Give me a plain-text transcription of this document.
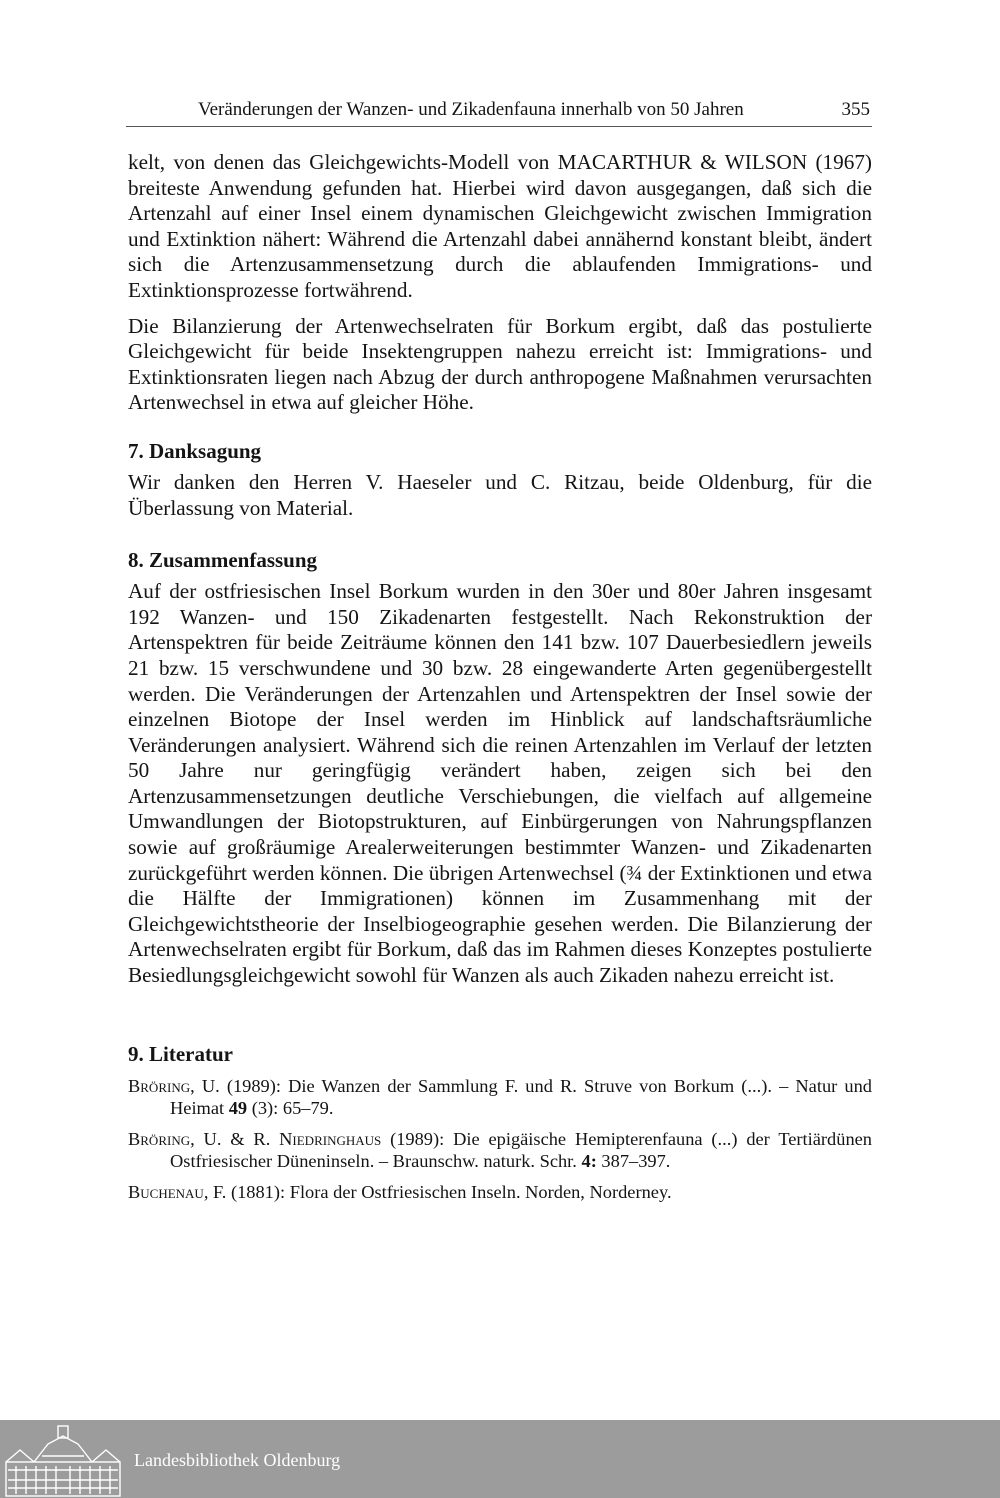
Veränderungen der Wanzen- und Zikadenfauna innerhalb von 50 Jahren	355

kelt, von denen das Gleichgewichts-Modell von MACARTHUR & WILSON (1967) breiteste Anwendung gefunden hat. Hierbei wird davon ausgegangen, daß sich die Artenzahl auf einer Insel einem dynamischen Gleichgewicht zwischen Immigration und Extinktion nähert: Während die Artenzahl dabei annähernd konstant bleibt, ändert sich die Artenzusammensetzung durch die ablaufenden Immigrations- und Extinktionsprozesse fortwährend.

Die Bilanzierung der Artenwechselraten für Borkum ergibt, daß das postulierte Gleichgewicht für beide Insektengruppen nahezu erreicht ist: Immigrations- und Extinktionsraten liegen nach Abzug der durch anthropogene Maßnahmen verursachten Artenwechsel in etwa auf gleicher Höhe.

7. Danksagung

Wir danken den Herren V. Haeseler und C. Ritzau, beide Oldenburg, für die Überlassung von Material.

8. Zusammenfassung

Auf der ostfriesischen Insel Borkum wurden in den 30er und 80er Jahren insgesamt 192 Wanzen- und 150 Zikadenarten festgestellt. Nach Rekonstruktion der Artenspektren für beide Zeiträume können den 141 bzw. 107 Dauerbesiedlern jeweils 21 bzw. 15 verschwundene und 30 bzw. 28 eingewanderte Arten gegenübergestellt werden. Die Veränderungen der Artenzahlen und Artenspektren der Insel sowie der einzelnen Biotope der Insel werden im Hinblick auf landschaftsräumliche Veränderungen analysiert. Während sich die reinen Artenzahlen im Verlauf der letzten 50 Jahre nur geringfügig verändert haben, zeigen sich bei den Artenzusammensetzungen deutliche Verschiebungen, die vielfach auf allgemeine Umwandlungen der Biotopstrukturen, auf Einbürgerungen von Nahrungspflanzen sowie auf großräumige Arealerweiterungen bestimmter Wanzen- und Zikadenarten zurückgeführt werden können. Die übrigen Artenwechsel (¾ der Extinktionen und etwa die Hälfte der Immigrationen) können im Zusammenhang mit der Gleichgewichtstheorie der Inselbiogeographie gesehen werden. Die Bilanzierung der Artenwechselraten ergibt für Borkum, daß das im Rahmen dieses Konzeptes postulierte Besiedlungsgleichgewicht sowohl für Wanzen als auch Zikaden nahezu erreicht ist.

9. Literatur
Bröring, U. (1989): Die Wanzen der Sammlung F. und R. Struve von Borkum (...). – Natur und Heimat 49 (3): 65–79.
Bröring, U. & R. Niedringhaus (1989): Die epigäische Hemipterenfauna (...) der Tertiärdünen Ostfriesischer Düneninseln. – Braunschw. naturk. Schr. 4: 387–397.
Buchenau, F. (1881): Flora der Ostfriesischen Inseln. Norden, Norderney.
Landesbibliothek Oldenburg
